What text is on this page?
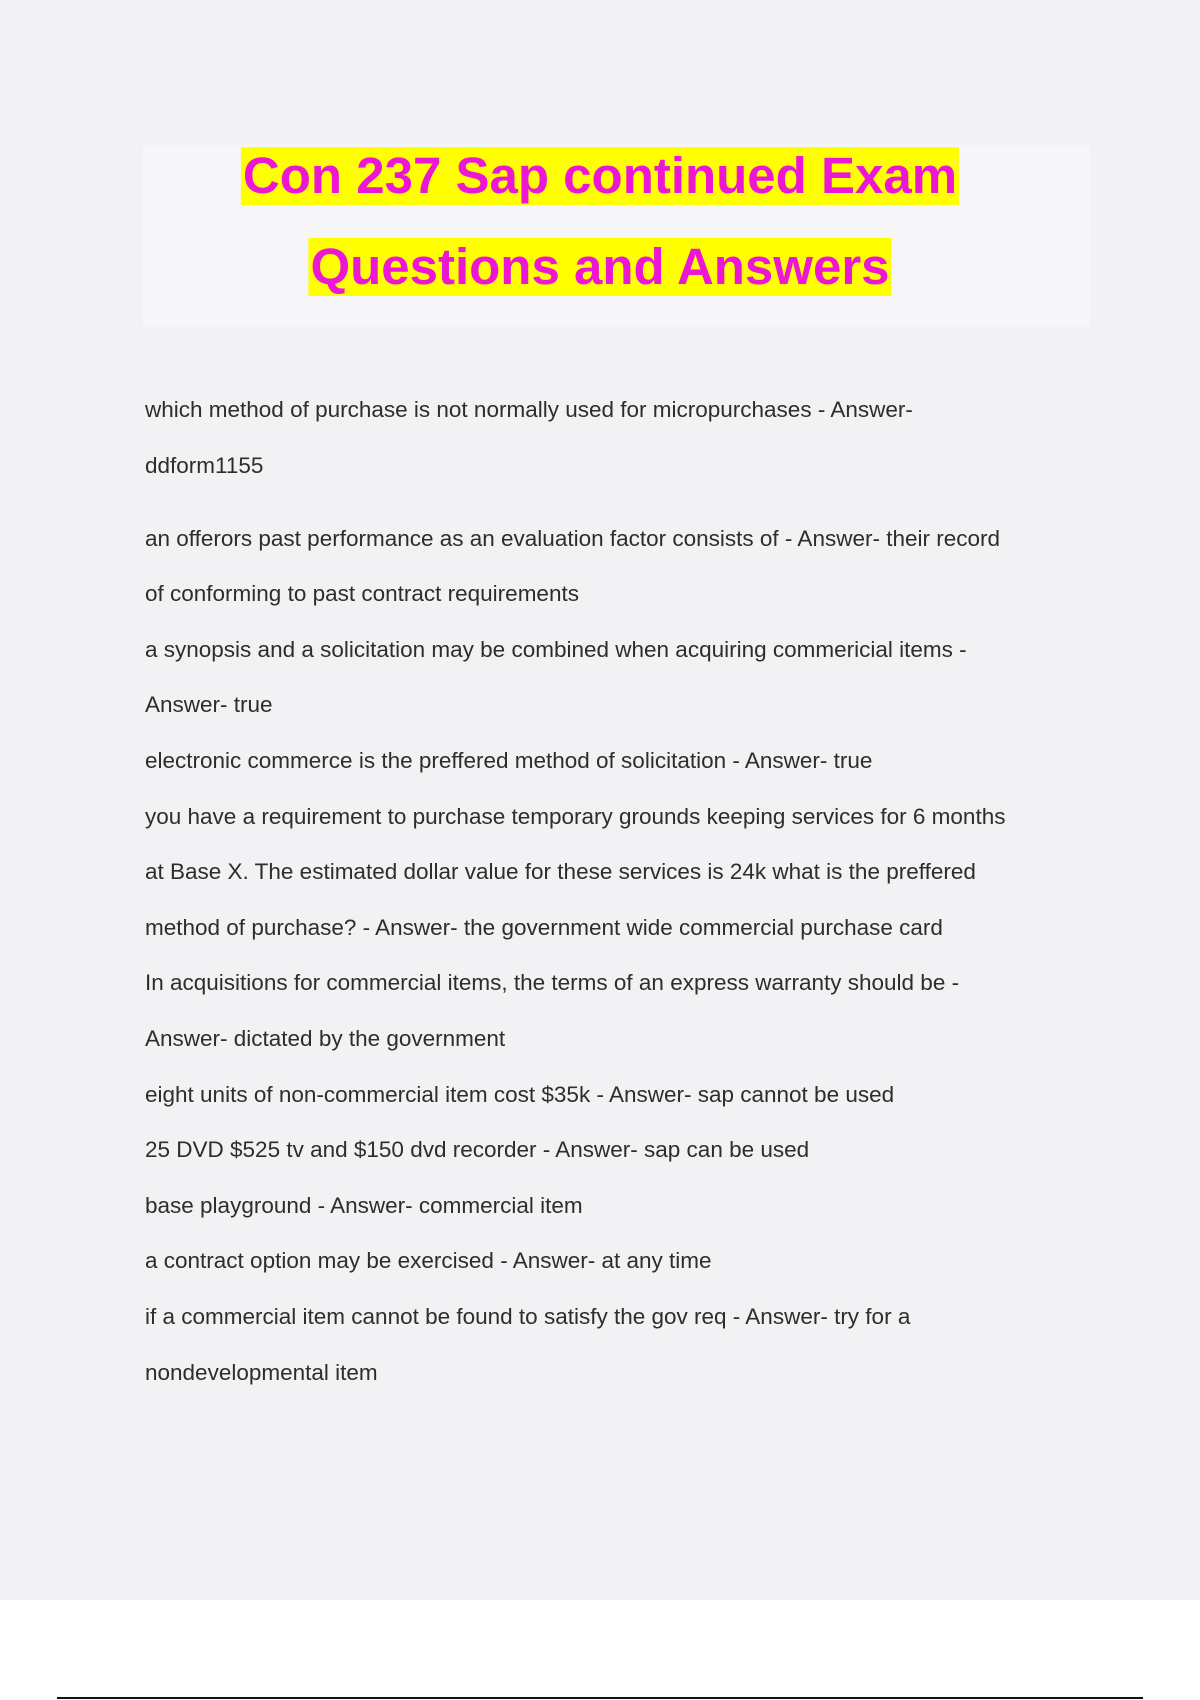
Con 237 Sap continued Exam
Questions and Answers
which method of purchase is not normally used for micropurchases - Answer-
ddform1155
an offerors past performance as an evaluation factor consists of - Answer- their record
of conforming to past contract requirements
a synopsis and a solicitation may be combined when acquiring commericial items -
Answer- true
electronic commerce is the preffered method of solicitation - Answer- true
you have a requirement to purchase temporary grounds keeping services for 6 months
at Base X. The estimated dollar value for these services is 24k what is the preffered
method of purchase? - Answer- the government wide commercial purchase card
In acquisitions for commercial items, the terms of an express warranty should be -
Answer- dictated by the government
eight units of non-commercial item cost $35k - Answer- sap cannot be used
25 DVD $525 tv and $150 dvd recorder - Answer- sap can be used
base playground - Answer- commercial item
a contract option may be exercised - Answer- at any time
if a commercial item cannot be found to satisfy the gov req - Answer- try for a
nondevelopmental item
